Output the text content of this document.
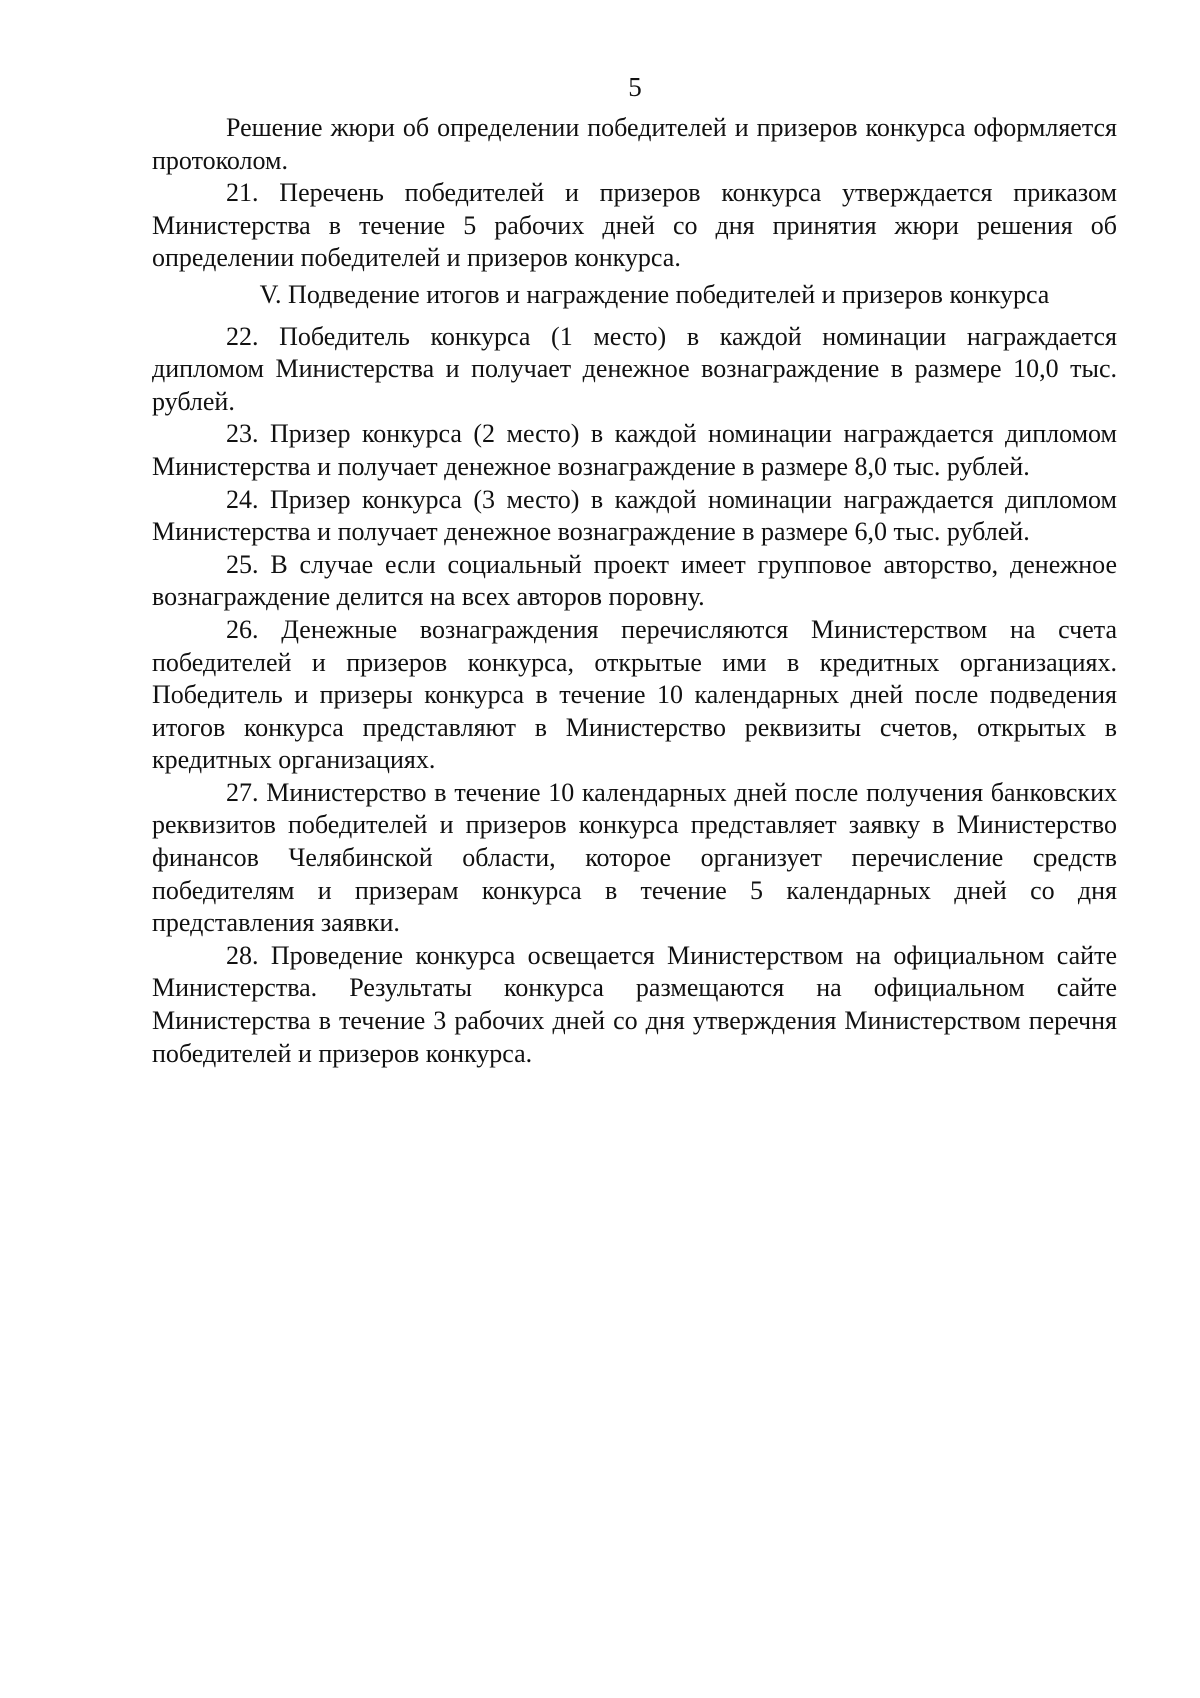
5

Решение жюри об определении победителей и призеров конкурса оформляется протоколом.

21. Перечень победителей и призеров конкурса утверждается приказом Министерства в течение 5 рабочих дней со дня принятия жюри решения об определении победителей и призеров конкурса.

V. Подведение итогов и награждение победителей и призеров конкурса

22. Победитель конкурса (1 место) в каждой номинации награждается дипломом Министерства и получает денежное вознаграждение в размере 10,0 тыс. рублей.

23. Призер конкурса (2 место) в каждой номинации награждается дипломом Министерства и получает денежное вознаграждение в размере 8,0 тыс. рублей.

24. Призер конкурса (3 место) в каждой номинации награждается дипломом Министерства и получает денежное вознаграждение в размере 6,0 тыс. рублей.

25. В случае если социальный проект имеет групповое авторство, денежное вознаграждение делится на всех авторов поровну.

26. Денежные вознаграждения перечисляются Министерством на счета победителей и призеров конкурса, открытые ими в кредитных организациях. Победитель и призеры конкурса в течение 10 календарных дней после подведения итогов конкурса представляют в Министерство реквизиты счетов, открытых в кредитных организациях.

27. Министерство в течение 10 календарных дней после получения банковских реквизитов победителей и призеров конкурса представляет заявку в Министерство финансов Челябинской области, которое организует перечисление средств победителям и призерам конкурса в течение 5 календарных дней со дня представления заявки.

28. Проведение конкурса освещается Министерством на официальном сайте Министерства. Результаты конкурса размещаются на официальном сайте Министерства в течение 3 рабочих дней со дня утверждения Министерством перечня победителей и призеров конкурса.
